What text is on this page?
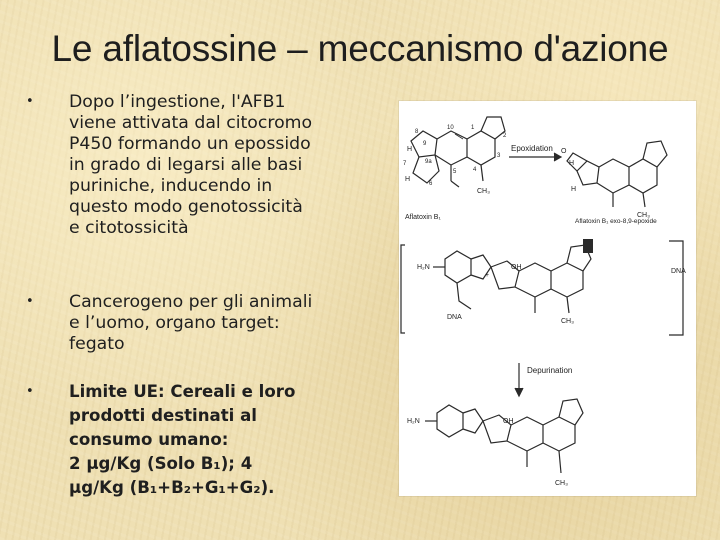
Le aflatossine – meccanismo d'azione
• Dopo l’ingestione, l'AFB1
viene attivata dal citocromo
P450 formando un epossido
in grado di legarsi alle basi
puriniche, inducendo in
questo modo genotossicità
e citotossicità
• Cancerogeno per gli animali
e l’uomo, organo target:
fegato
• Limite UE: Cereali e loro
prodotti destinati al
consumo umano:
2 µg/Kg (Solo B₁); 4
µg/Kg (B₁+B₂+G₁+G₂).
8
9
10	1
2
3
4
5
6
7	9a
H
H
H
H
O
Epoxidation
CH₃
CH₃
Aflatoxin B₁
Aflatoxin B₁ exo-8,9-epoxide
H₂N	OH
+
DNA
DNA
CH₃
Depurination
H₂N	OH
CH₃
